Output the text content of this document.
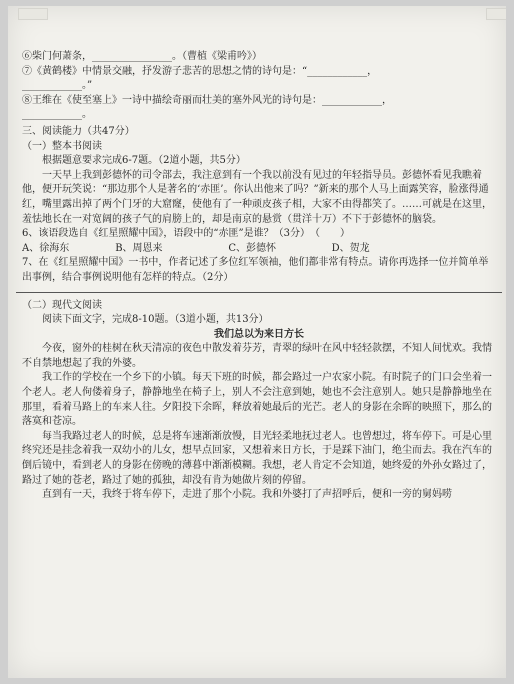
⑥柴门何萧条，________________。（曹植《梁甫吟》）

⑦《黄鹤楼》中情景交融，抒发游子悲苦的思想之情的诗句是：“____________，

____________。”

⑧王维在《使至塞上》一诗中描绘奇丽而壮美的塞外风光的诗句是：____________，

____________。

三、阅读能力（共47分）

（一）整本书阅读

根据题意要求完成6-7题。（2道小题，共5分）

一天早上我到彭德怀的司令部去，我注意到有一个我以前没有见过的年轻指导员。彭德怀看见我瞧着他，便开玩笑说：“那边那个人是著名的‘赤匪’。你认出他来了吗？”新来的那个人马上面露笑容，脸涨得通红，嘴里露出掉了两个门牙的大窟窿，使他有了一种顽皮孩子相，大家不由得都笑了。……可就是在这里，羞怯地长在一对宽阔的孩子气的肩膀上的，却是南京的悬赏（贯洋十万）不下于彭德怀的脑袋。

6、该语段选自《红星照耀中国》，语段中的“赤匪”是谁？（3分）　（　　）

A、徐海东	B、周恩来	C、彭德怀	D、贺龙

7、在《红星照耀中国》一书中，作者记述了多位红军领袖，他们都非常有特点。请你再选择一位并简单举出事例，结合事例说明他有怎样的特点。（2分）

（二）现代文阅读

阅读下面文字，完成8-10题。（3道小题，共13分）

我们总以为来日方长

今夜，窗外的桂树在秋天清凉的夜色中散发着芬芳，青翠的绿叶在风中轻轻款摆，不知人间忧欢。我情不自禁地想起了我的外婆。

我工作的学校在一个乡下的小镇。每天下班的时候，都会路过一户农家小院。有时院子的门口会坐着一个老人。老人佝偻着身子，静静地坐在椅子上，别人不会注意到她，她也不会注意别人。她只是静静地坐在那里，看着马路上的车来人往。夕阳投下余晖，释放着她最后的光芒。老人的身影在余晖的映照下，那么的落寞和苍凉。

每当我路过老人的时候，总是将车速渐渐放慢，目光轻柔地抚过老人。也曾想过，将车停下。可是心里终究还是挂念着我一双幼小的儿女，想早点回家，又想着来日方长，于是踩下油门，绝尘而去。我在汽车的倒后镜中，看到老人的身影在傍晚的薄暮中渐渐模糊。我想，老人肯定不会知道，她终爱的外孙女路过了，路过了她的苍老，路过了她的孤独，却没有肯为她做片刻的停留。

直到有一天，我终于将车停下，走进了那个小院。我和外婆打了声招呼后，便和一旁的舅妈唠
